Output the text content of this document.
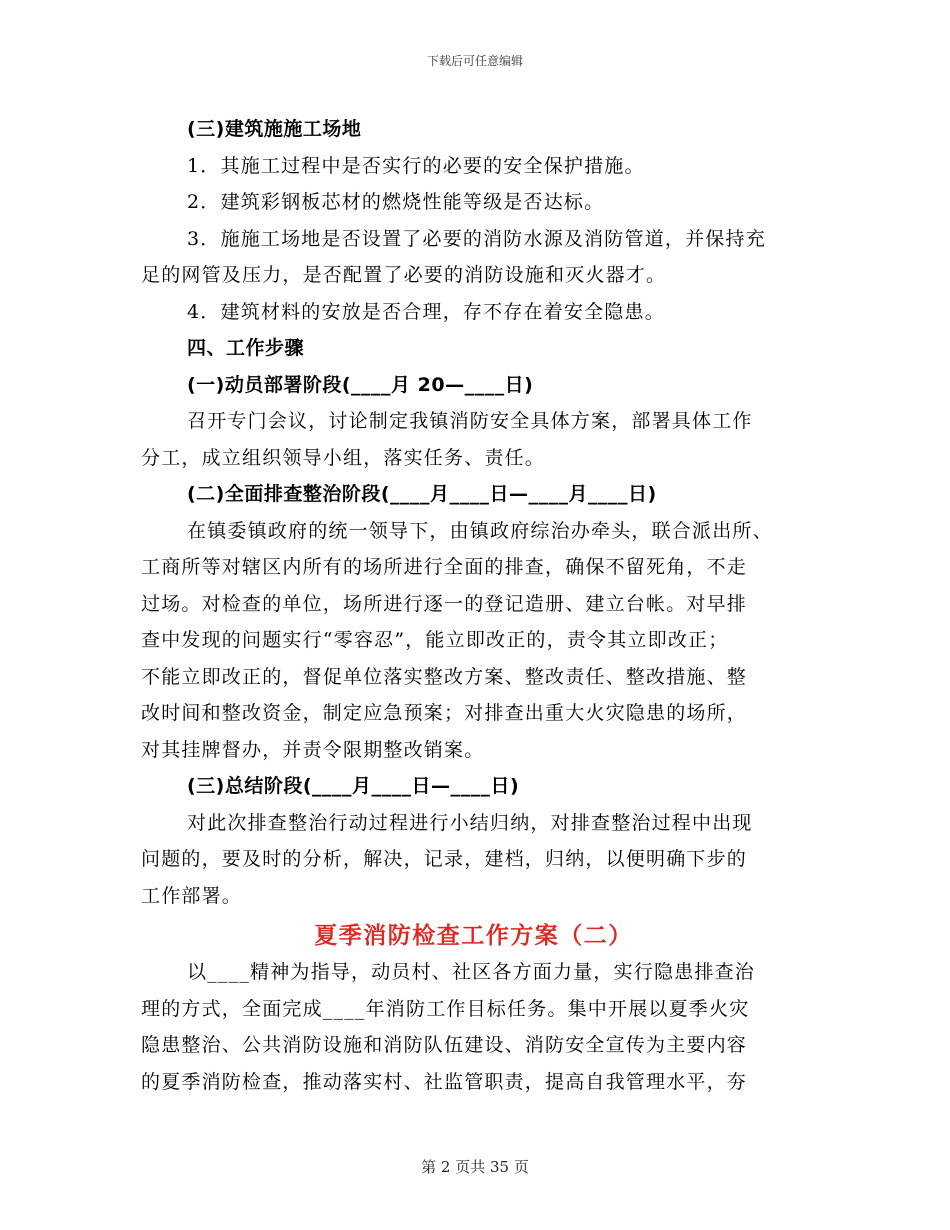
下载后可任意编辑
(三)建筑施施工场地
1．其施工过程中是否实行的必要的安全保护措施。
2．建筑彩钢板芯材的燃烧性能等级是否达标。
3．施施工场地是否设置了必要的消防水源及消防管道，并保持充
足的网管及压力，是否配置了必要的消防设施和灭火器才。
4．建筑材料的安放是否合理，存不存在着安全隐患。
四、工作步骤
(一)动员部署阶段(____月 20—____日)
召开专门会议，讨论制定我镇消防安全具体方案，部署具体工作
分工，成立组织领导小组，落实任务、责任。
(二)全面排查整治阶段(____月____日—____月____日)
在镇委镇政府的统一领导下，由镇政府综治办牵头，联合派出所、
工商所等对辖区内所有的场所进行全面的排查，确保不留死角，不走
过场。对检查的单位，场所进行逐一的登记造册、建立台帐。对早排
查中发现的问题实行“零容忍”，能立即改正的，责令其立即改正；
不能立即改正的，督促单位落实整改方案、整改责任、整改措施、整
改时间和整改资金，制定应急预案；对排查出重大火灾隐患的场所，
对其挂牌督办，并责令限期整改销案。
(三)总结阶段(____月____日—____日)
对此次排查整治行动过程进行小结归纳，对排查整治过程中出现
问题的，要及时的分析，解决，记录，建档，归纳，以便明确下步的
工作部署。
夏季消防检查工作方案（二）
以____精神为指导，动员村、社区各方面力量，实行隐患排查治
理的方式，全面完成____年消防工作目标任务。集中开展以夏季火灾
隐患整治、公共消防设施和消防队伍建设、消防安全宣传为主要内容
的夏季消防检查，推动落实村、社监管职责，提高自我管理水平，夯
第 2 页共 35 页
